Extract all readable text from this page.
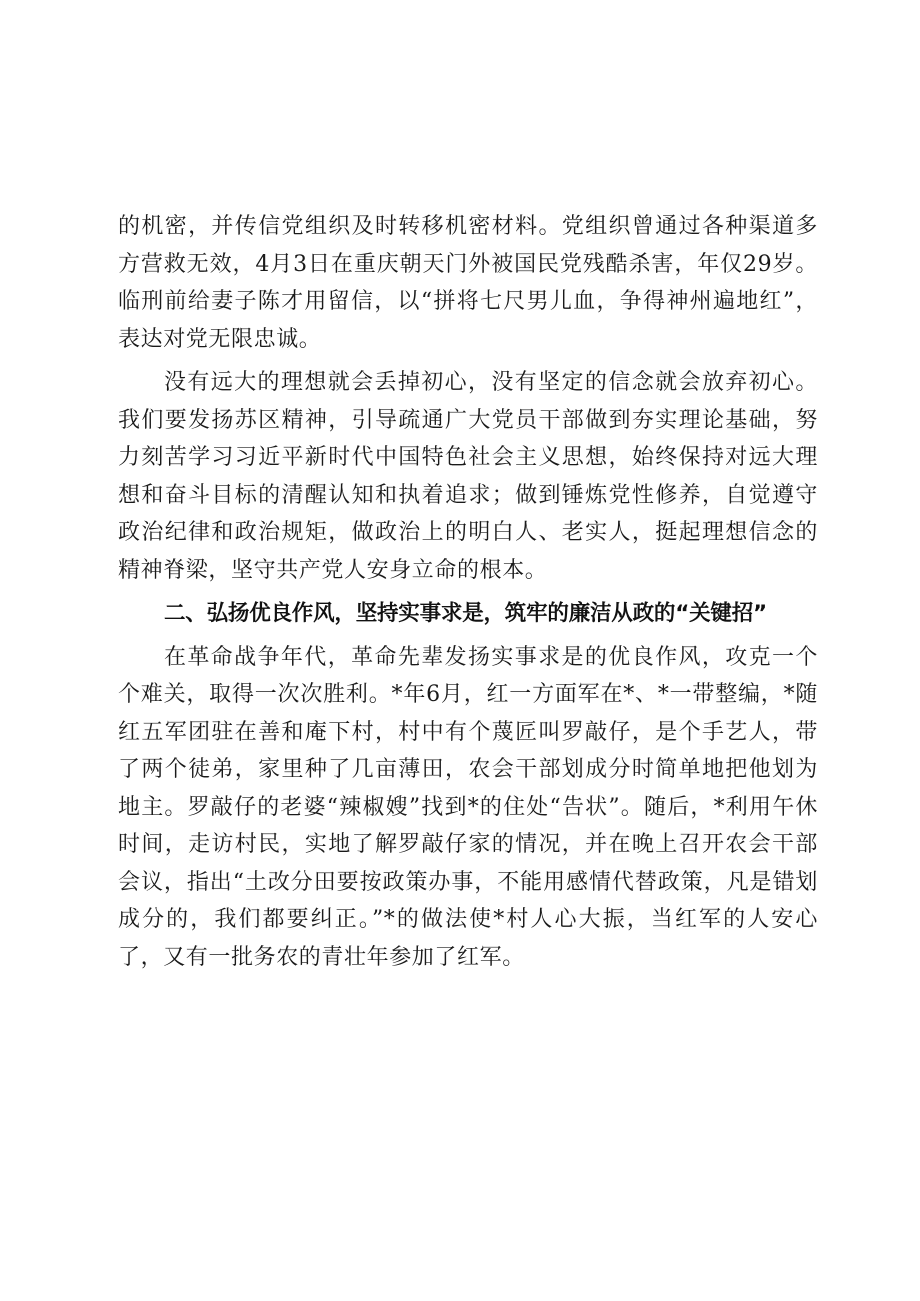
的机密，并传信党组织及时转移机密材料。党组织曾通过各种渠道多方营救无效，4月3日在重庆朝天门外被国民党残酷杀害，年仅29岁。临刑前给妻子陈才用留信，以“拼将七尺男儿血，争得神州遍地红”，表达对党无限忠诚。

没有远大的理想就会丢掉初心，没有坚定的信念就会放弃初心。我们要发扬苏区精神，引导疏通广大党员干部做到夯实理论基础，努力刻苦学习习近平新时代中国特色社会主义思想，始终保持对远大理想和奋斗目标的清醒认知和执着追求；做到锤炼党性修养，自觉遵守政治纪律和政治规矩，做政治上的明白人、老实人，挺起理想信念的精神脊梁，坚守共产党人安身立命的根本。

二、弘扬优良作风，坚持实事求是，筑牢的廉洁从政的“关键招”

在革命战争年代，革命先辈发扬实事求是的优良作风，攻克一个个难关，取得一次次胜利。*年6月，红一方面军在*、*一带整编，*随红五军团驻在善和庵下村，村中有个蔑匠叫罗敲仔，是个手艺人，带了两个徒弟，家里种了几亩薄田，农会干部划成分时简单地把他划为地主。罗敲仔的老婆“辣椒嫂”找到*的住处“告状”。随后，*利用午休时间，走访村民，实地了解罗敲仔家的情况，并在晚上召开农会干部会议，指出“土改分田要按政策办事，不能用感情代替政策，凡是错划成分的，我们都要纠正。”*的做法使*村人心大振，当红军的人安心了，又有一批务农的青壮年参加了红军。
